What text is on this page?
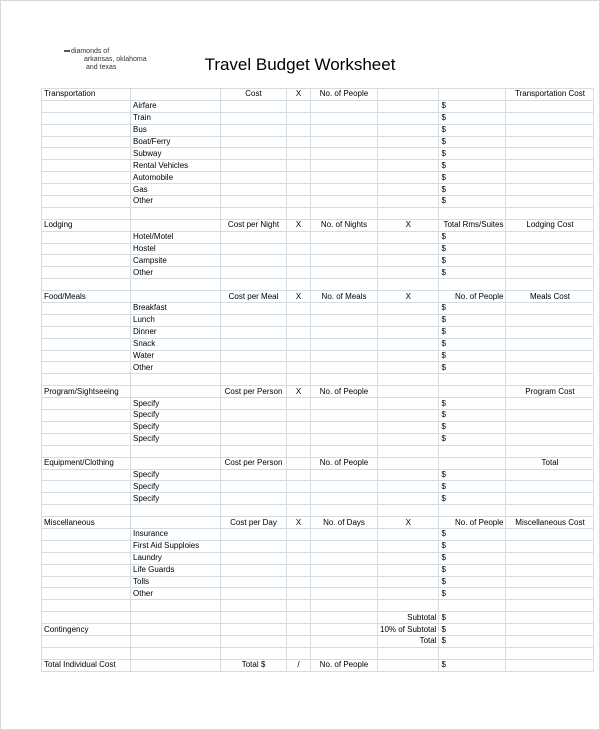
diamonds of
arkansas, oklahoma
and texas	Travel Budget Worksheet
Transportation		Cost	X	No. of People			Transportation Cost
	Airfare					$	
	Train					$	
	Bus					$	
	Boat/Ferry					$	
	Subway					$	
	Rental Vehicles					$	
	Automobile					$	
	Gas					$	
	Other					$	

Lodging		Cost per Night	X	No. of Nights	X	Total Rms/Suites	Lodging Cost
	Hotel/Motel					$	
	Hostel					$	
	Campsite					$	
	Other					$	

Food/Meals		Cost per Meal	X	No. of Meals	X	No. of People	Meals Cost
	Breakfast					$	
	Lunch					$	
	Dinner					$	
	Snack					$	
	Water					$	
	Other					$	

Program/Sightseeing		Cost per Person	X	No. of People			Program Cost
	Specify					$	
	Specify					$	
	Specify					$	
	Specify					$	

Equipment/Clothing		Cost per Person		No. of People			Total
	Specify					$	
	Specify					$	
	Specify					$	

Miscellaneous		Cost per Day	X	No. of Days	X	No. of People	Miscellaneous Cost
	Insurance					$	
	First Aid Supploies					$	
	Laundry					$	
	Life Guards					$	
	Tolls					$	
	Other					$	

					Subtotal	$	
Contingency					10% of Subtotal	$	
					Total	$	

Total Individual Cost		Total $	/	No. of People		$	
